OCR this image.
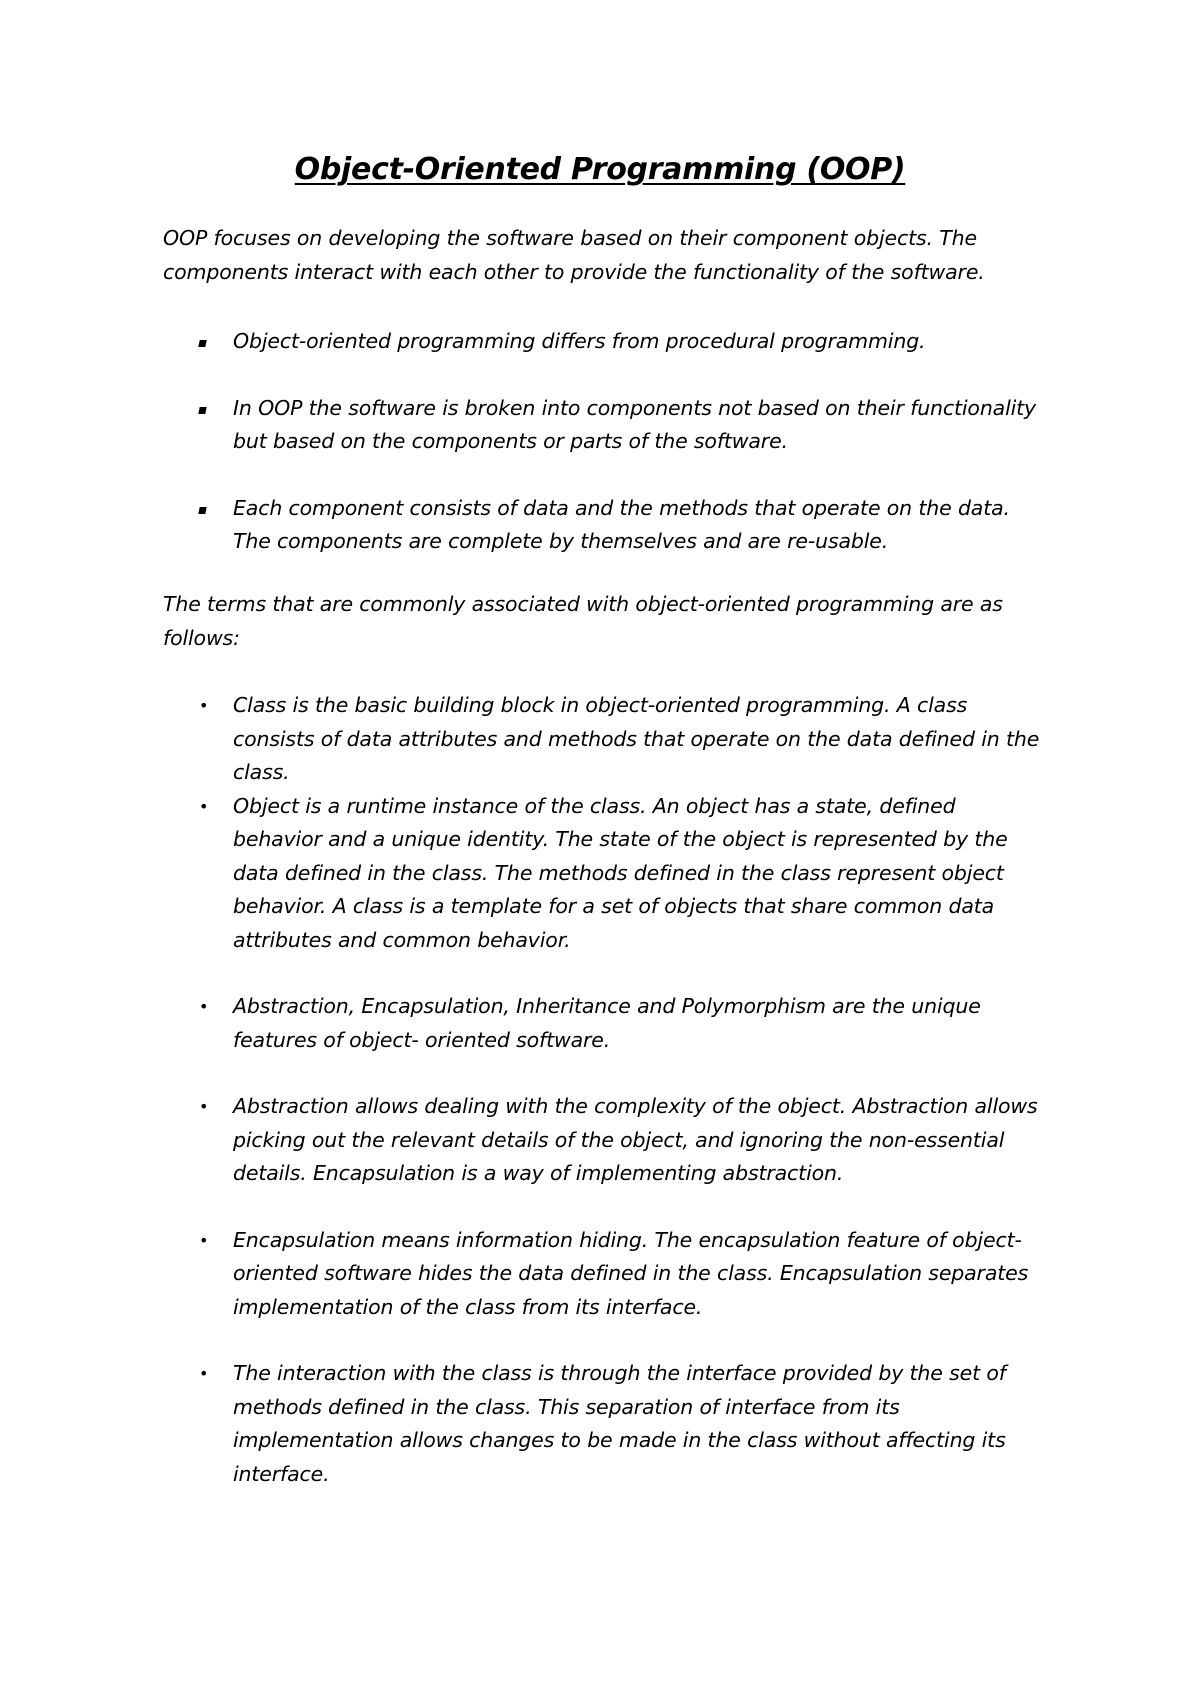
Object-Oriented Programming (OOP)

OOP focuses on developing the software based on their component objects. The components interact with each other to provide the functionality of the software.

Object-oriented programming differs from procedural programming.
In OOP the software is broken into components not based on their functionality but based on the components or parts of the software.
Each component consists of data and the methods that operate on the data. The components are complete by themselves and are re-usable.

The terms that are commonly associated with object-oriented programming are as follows:

• Class is the basic building block in object-oriented programming. A class consists of data attributes and methods that operate on the data defined in the class.
• Object is a runtime instance of the class. An object has a state, defined behavior and a unique identity. The state of the object is represented by the data defined in the class. The methods defined in the class represent object behavior. A class is a template for a set of objects that share common data attributes and common behavior.
• Abstraction, Encapsulation, Inheritance and Polymorphism are the unique features of object- oriented software.
• Abstraction allows dealing with the complexity of the object. Abstraction allows picking out the relevant details of the object, and ignoring the non-essential details. Encapsulation is a way of implementing abstraction.
• Encapsulation means information hiding. The encapsulation feature of object-oriented software hides the data defined in the class. Encapsulation separates implementation of the class from its interface.
• The interaction with the class is through the interface provided by the set of methods defined in the class. This separation of interface from its implementation allows changes to be made in the class without affecting its interface.
